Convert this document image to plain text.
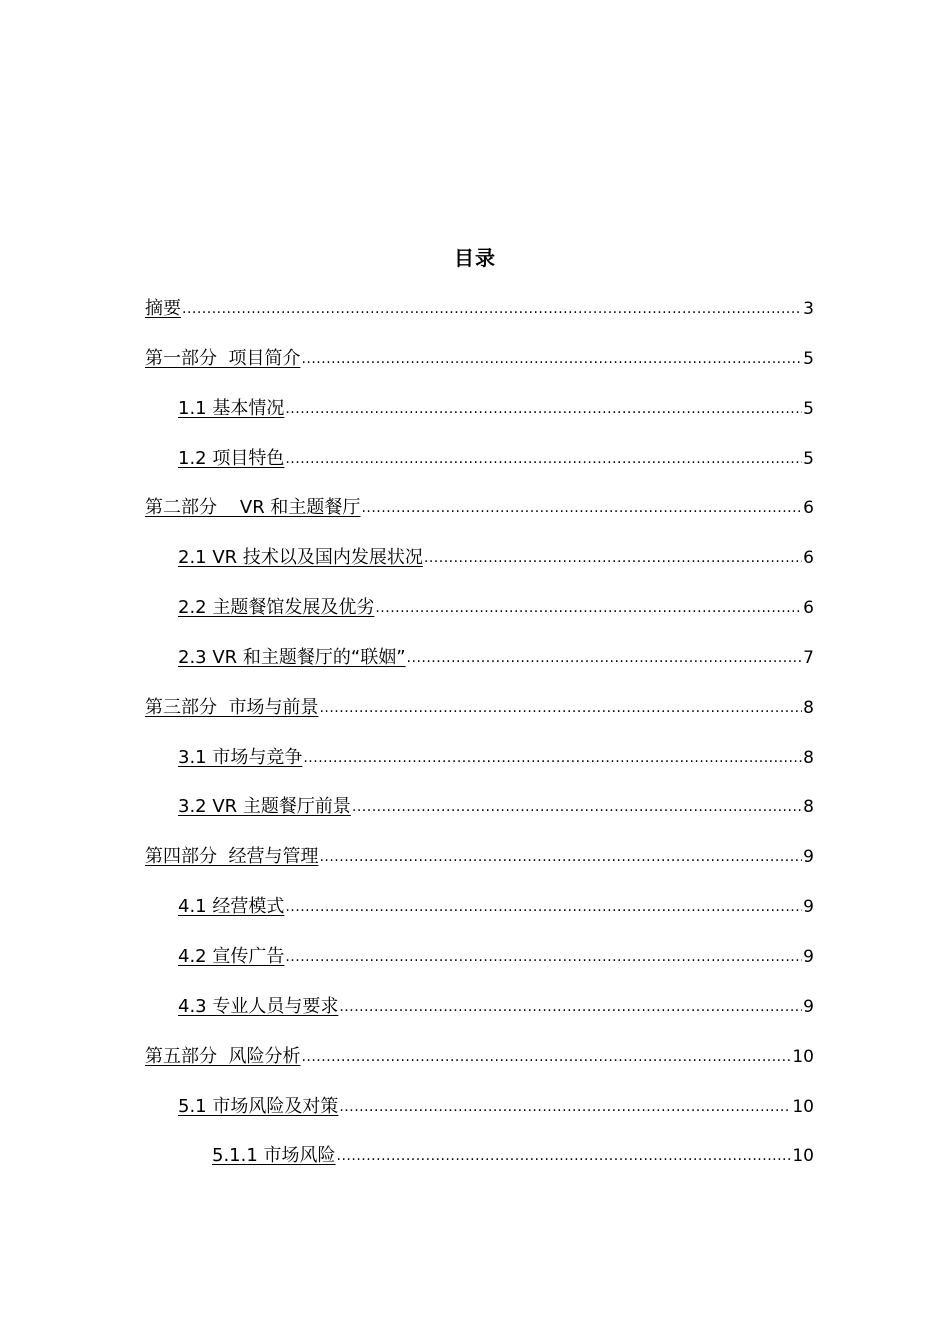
目录
摘要 .....	3
第一部分  项目简介 .....	5
1.1 基本情况 .....	5
1.2 项目特色 .....	5
第二部分    VR 和主题餐厅 .....	6
2.1 VR 技术以及国内发展状况 .....	6
2.2 主题餐馆发展及优劣 .....	6
2.3 VR 和主题餐厅的“联姻” .....	7
第三部分  市场与前景 .....	8
3.1 市场与竞争 .....	8
3.2 VR 主题餐厅前景 .....	8
第四部分  经营与管理 .....	9
4.1 经营模式 .....	9
4.2 宣传广告 .....	9
4.3 专业人员与要求 .....	9
第五部分  风险分析 .....	10
5.1 市场风险及对策 .....	10
5.1.1 市场风险 .....	10
